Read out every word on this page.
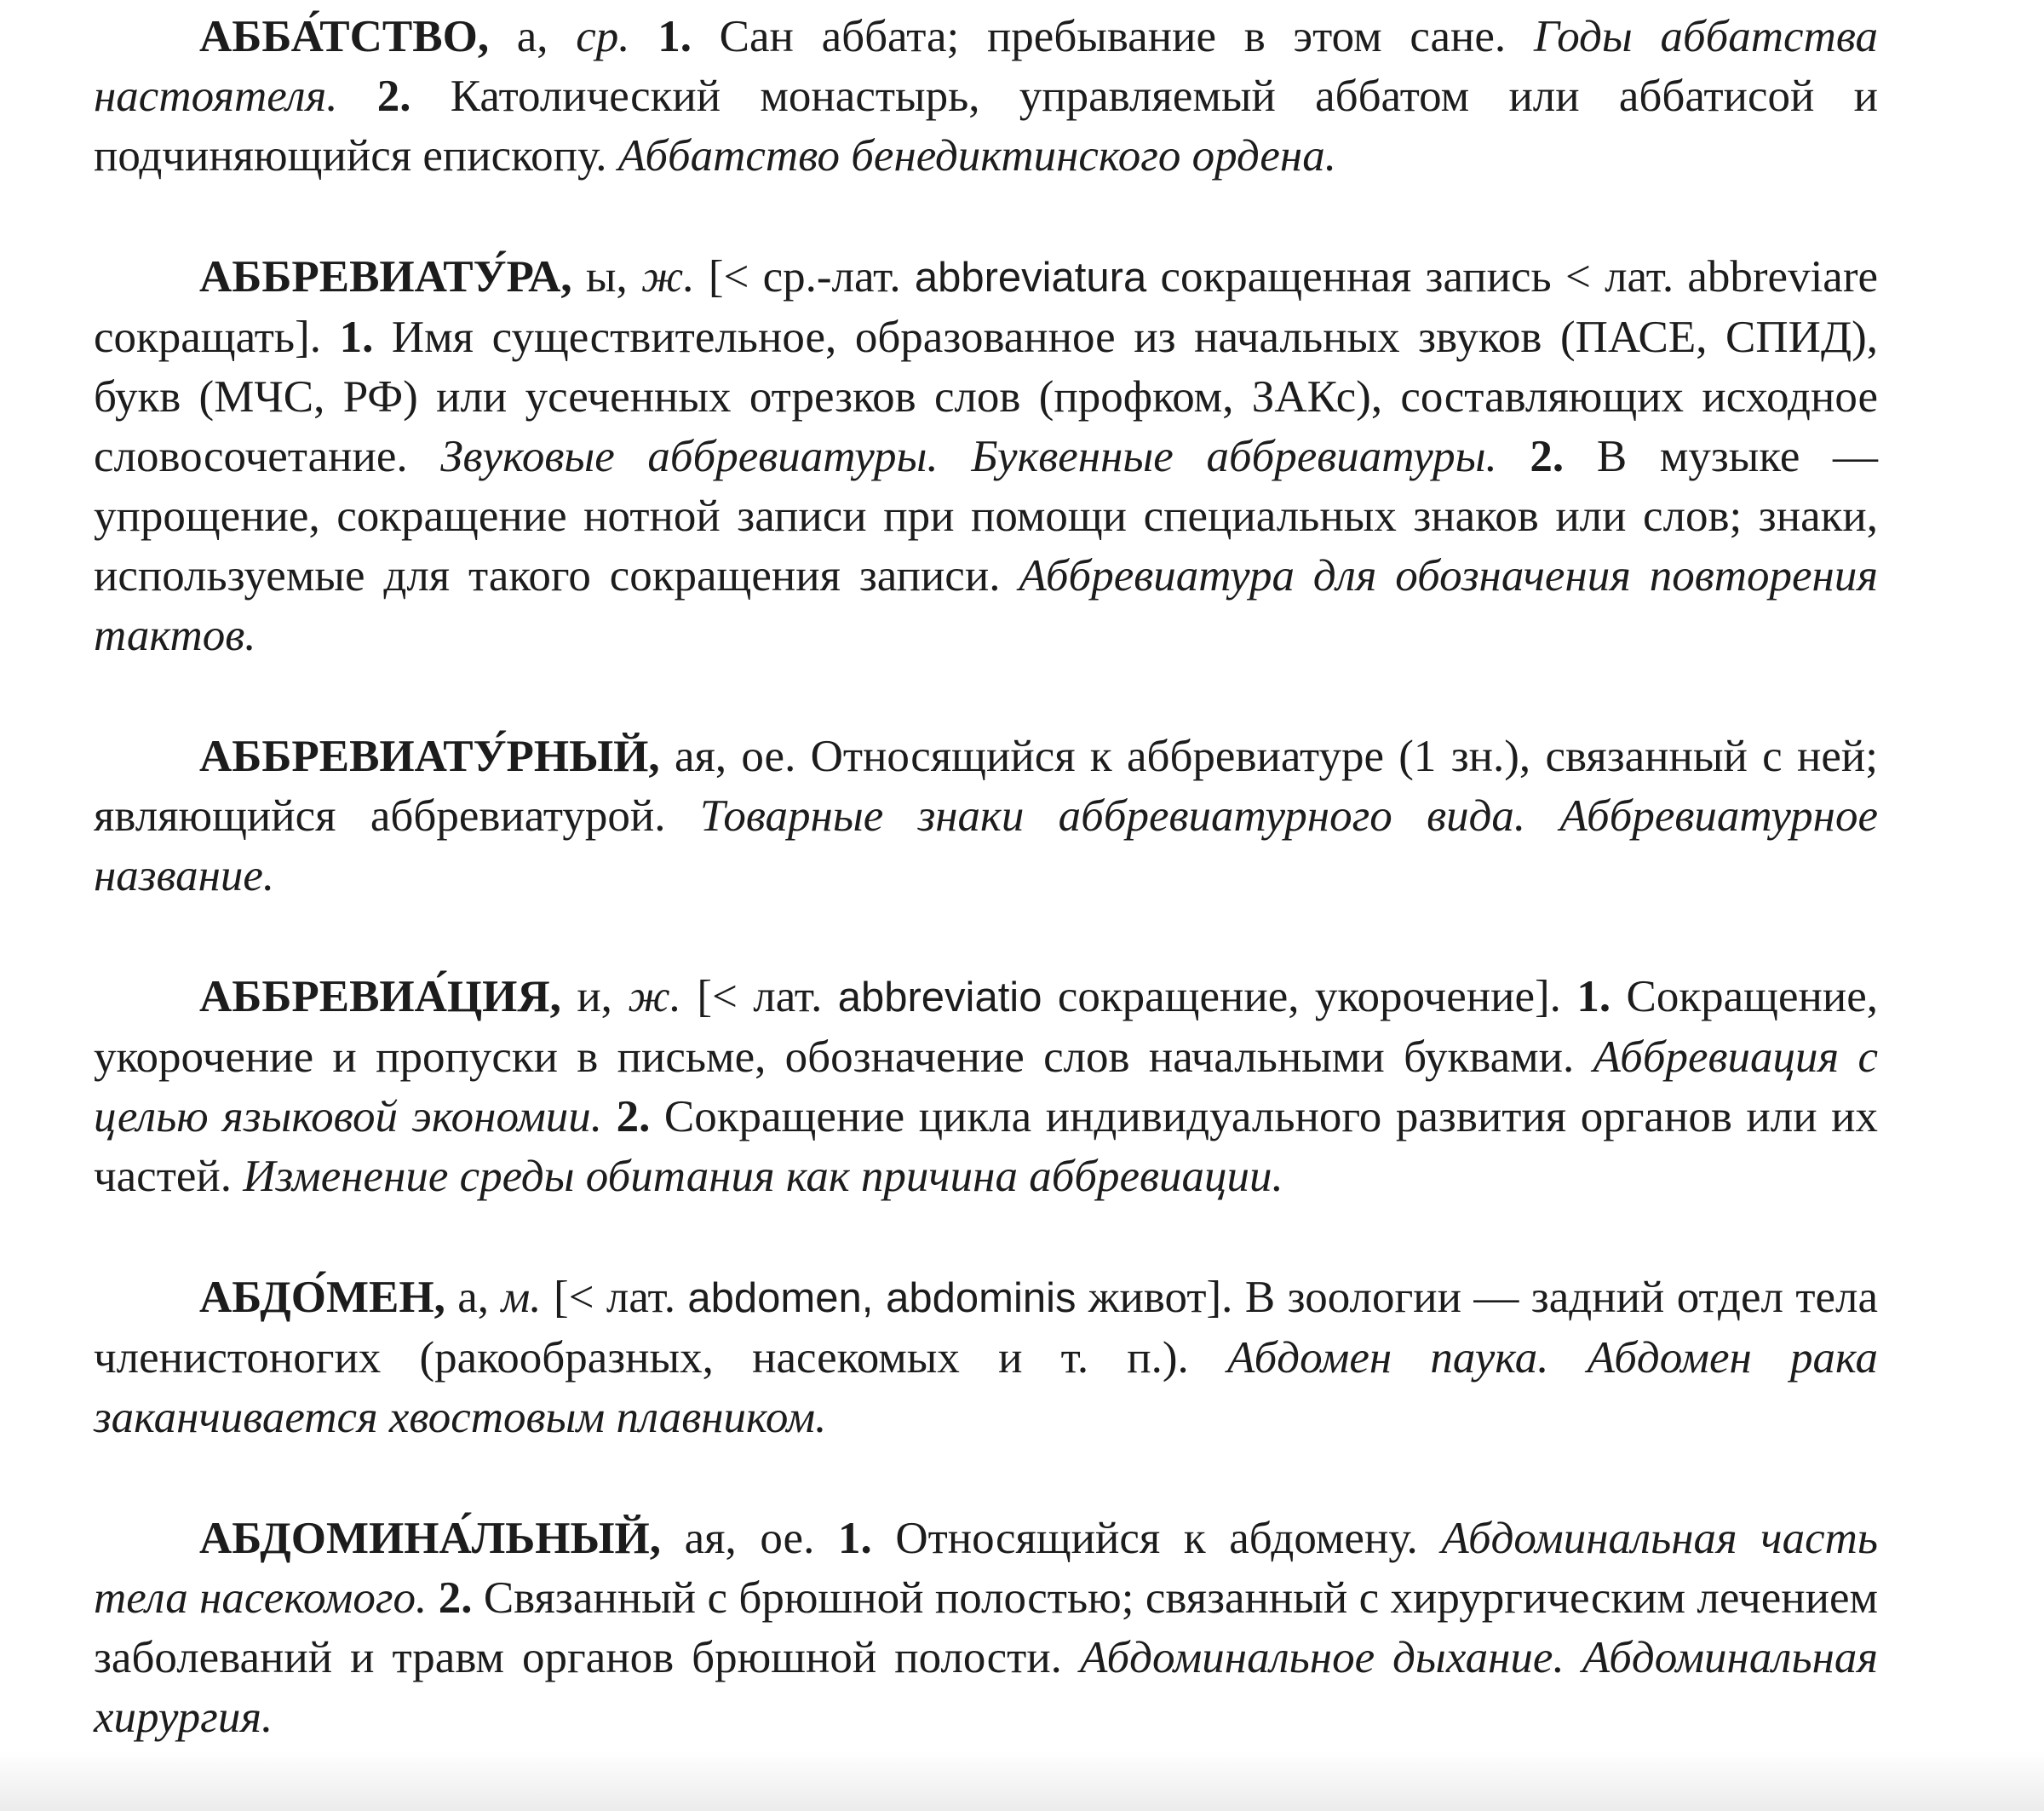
АББА́ТСТВО, а, ср. 1. Сан аббата; пребывание в этом сане. Годы аббатства настоятеля. 2. Католический монастырь, управляемый аббатом или аббатисой и подчиняющийся епископу. Аббатство бенедиктинского ордена.

АББРЕВИАТУ́РА, ы, ж. [< ср.-лат. abbreviatura сокращенная запись < лат. abbreviare сокращать]. 1. Имя существительное, образованное из начальных звуков (ПАСЕ, СПИД), букв (МЧС, РФ) или усеченных отрезков слов (профком, ЗАКс), составляющих исходное словосочетание. Звуковые аббревиатуры. Буквенные аббревиатуры. 2. В музыке — упрощение, сокращение нотной записи при помощи специальных знаков или слов; знаки, используемые для такого сокращения записи. Аббревиатура для обозначения повторения тактов.

АББРЕВИАТУ́РНЫЙ, ая, ое. Относящийся к аббревиатуре (1 зн.), связанный с ней; являющийся аббревиатурой. Товарные знаки аббревиатурного вида. Аббревиатурное название.

АББРЕВИА́ЦИЯ, и, ж. [< лат. abbreviatio сокращение, укорочение]. 1. Сокращение, укорочение и пропуски в письме, обозначение слов начальными буквами. Аббревиация с целью языковой экономии. 2. Сокращение цикла индивидуального развития органов или их частей. Изменение среды обитания как причина аббревиации.

АБДО́МЕН, а, м. [< лат. abdomen, abdominis живот]. В зоологии — задний отдел тела членистоногих (ракообразных, насекомых и т. п.). Абдомен паука. Абдомен рака заканчивается хвостовым плавником.

АБДОМИНА́ЛЬНЫЙ, ая, ое. 1. Относящийся к абдомену. Абдоминальная часть тела насекомого. 2. Связанный с брюшной полостью; связанный с хирургическим лечением заболеваний и травм органов брюшной полости. Абдоминальное дыхание. Абдоминальная хирургия.
